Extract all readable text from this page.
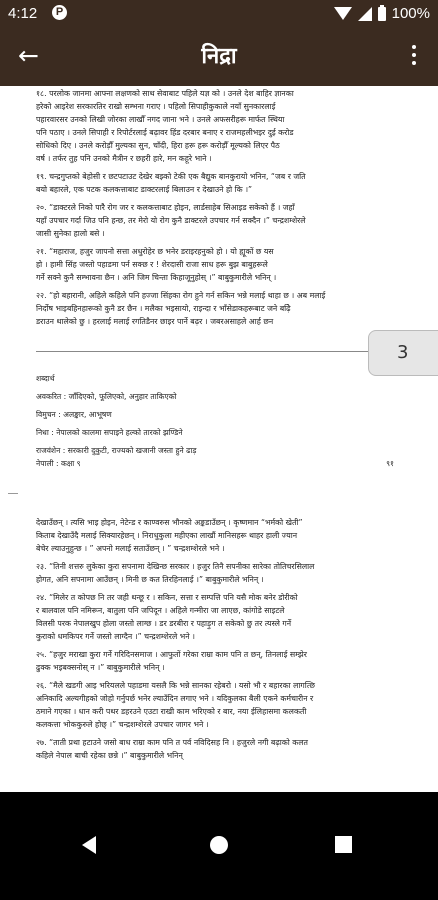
4:12	P	100%
←	निद्रा

१८. परलोक जानमा आफ्ना लक्षणको साथ सेवाबाट पहिले यज्ञ को । उनले देश बाहिर ज्ञानका

हरेको आइरेश सरकारतिर राखो सम्भना गराए । पहिलो सिपाहीकुकाले नयाँ सुनकारलाई

पहारवारसर उनको लिखी जोरका लाखौँ नगद जाना भने । उनले अफसरीहरू मार्फत स्थिया

पनि पठाए । उनले सिपाही र रिपोर्टरलाई बढ़ावर हिंड दरबार बनाए र राजमहलीभइर दुई करोड

सोधिको दिए । उनले करोड़ौँ मुल्यका सुन, चाँदी, हिरा हरू हरू करोड़ौँ मूल्यको लिएर पैठ

वर्ष । तर्फर तुह पनि उनको मैत्रीन र छहरी हारे, मन कहूरे भाने ।

१९. चन्द्रगुप्तको बेहोसी र छटपटाउट देखेर बझ्को टेकी एक बैद्युक बानकुरायो भनिन, “जब र जति

बयो बहारले, एक पटक कलकत्ताबाट डाक्टरलाई बिलाउन र देखाउने हो कि ।”

२०. “डाक्टरले निको पारेै रोग जर र कलकत्ताबाट होइन, लार्डसाहेब सिआइड सकेको हैं । जहाँ

यहाँ उपचार गर्दा जिउ पनि हन्छ, तर मेरो यो रोग कुनै डाक्टरले उपचार गर्न सक्दैन ।” चन्द्रशम्शेरले

जासी सुनेका हालो बसे ।

२१. “महाराज, हजुर जापनो सत्ता अधुरोहेर छ भनेर डराइरहनुको हो । यो ह्यूकों छ यस

हो । हामी सिंह जस्तो पहाडमा पर्न सक्छ र ! शेरदासी राजा साध हरू बुझ बाबुहरूले

गर्ने सक्ने कुनै सम्भावना छैन । अनि जिम चिन्ता किहाजूनुहोस् ।” बाबुकुमारीले भनिन् ।

२२. “हो बहारानी, अहिले कहिले पनि हज्जा सिंहका रोग हुने गर्न सकिन भन्ने मलाई थाहा छ । अब मलाई

निर्दोष भाइबहिनहारूको कुनै डर छैन । मलैका भइसायो, राइन्दा र भाँसेडाकहरूबाट जने बढ़ेि

डराउन थालेको छु । हरलाई मलाई रगतिडैनर छाइर पार्ने बढ़र । जबरअसाहले आर्ह छन

शब्दार्थ
अवकरित : जाँदिएको, फूलिएको, अनुहार ताकिएको
विमुचन : अलङ्कार, आभूषण
निधा : नेपालको कालमा सपाइने हल्को तारको झण्डिने
राजवंशेन : सरकारी दुकुटी, राज्यको खजानी जस्ता हुने ढाड़
नेपाली : कक्षा ९	९१

देखाउँछन् । त्यसि भाइ होइन, नेटेन्ड र काण्वरुस भौनको अङ्कडाउँछन् । कृष्णमान “भर्मको खेती”

किताब देखाउँदै मलाई सिक्यारहेछन् । निराधुकुला महीएका लाखौं मानिसहरू थाहर हाली ज्यान

बेचेर ल्याउनुहुन्छ । ” अपनो मलाई सताउँछन् । ” चन्द्रशम्शेरले भने ।

२३. “तिनी शत्तरु लुकेका कुरा सपनामा देखिन्छ सरकार । हजुर तिनै सपनीका सारेका तोतिचरसिलाल

होगत, अनि सपनामा आउँछन् । मिनी छ कत तिरहिनलाई ।” बाबुकुमारीले भनिन् ।

२४. “मिलेर त कोपछ नि तर जही थन्छू र । सकिन, सत्ता र सम्पत्ति पनि यसै मोक बनेर डोरीको

र बालवाल पनि नमिरून, बातुला पनि जपिदून । अहिले गन्मीरा जा लाएछ, कांगोडे साइटले

विलसी परक नेपालखुप होला जस्तो लाग्छ । डर डरबीरा र पहाड़ुग त सकेको छु तर त्यस्ले गर्ने

कुराको धमकिपर गर्ने जस्तो लाग्दैन ।” चन्द्रशम्शेरले भने ।

२५. “हजुर मराखा कुरा गर्ने गरिदिनसमाज । आफुतों गरेका राम्रा काम पनि त छन्, तिनलाई सम्झेर

ढुक्क भइबक्सनोस् न ।” बाबुकुमारीले भनिन् ।

२६. “मैले खडगी आइ भरियलले पहाडमा यसलै कि भन्ने सानका रहेबरो । यसो भौ र बहारका लागत्छि

अनिकादि अल्यगीहको जोहो गर्नुपर्छ भनेर ल्याउँदिन लगाए भने । यदिकुलका बैली एकने कर्मचारीन र

ठमाने गएका । धान करी पथर डहरउने एउटा राखी काम भरिएको र बार, नया ईलिहासमा कलकती

कलकत्ता भोककुरुले होछ् ।” चन्द्रशम्शेरले उपचार जागर भने ।

२७. “ताती प्रथा हटाउने जसो बाध राम्रा काम पनि त पर्व नविदिसह नि । हजुरले नगी बढ़ाको कलत

कहिले नेपाल बाची रहेका छन्ने ।” बाबुकुमारीले भनिन्

3
